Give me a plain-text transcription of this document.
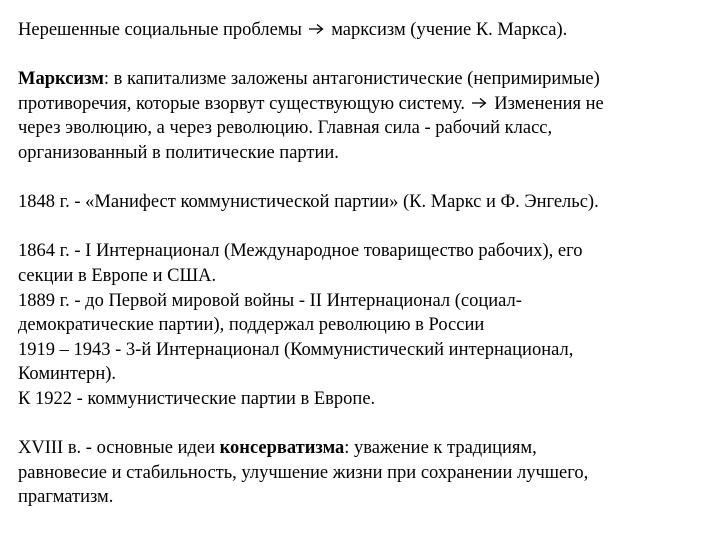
Нерешенные социальные проблемы  марксизм (учение К. Маркса).

Марксизм: в капитализме заложены антагонистические (непримиримые)
противоречия, которые взорвут существующую систему.  Изменения не
через эволюцию, а через революцию. Главная сила - рабочий класс,
организованный в политические партии.

1848 г. - «Манифест коммунистической партии» (К. Маркс и Ф. Энгельс).

1864 г. - I Интернационал (Международное товарищество рабочих), его
секции в Европе и США.
1889 г. - до Первой мировой войны - II Интернационал (социал-
демократические партии), поддержал революцию в России
1919 – 1943 - 3-й Интернационал (Коммунистический интернационал,
Коминтерн).
К 1922 - коммунистические партии в Европе.

XVIII в. - основные идеи консерватизма: уважение к традициям,
равновесие и стабильность, улучшение жизни при сохранении лучшего,
прагматизм.
